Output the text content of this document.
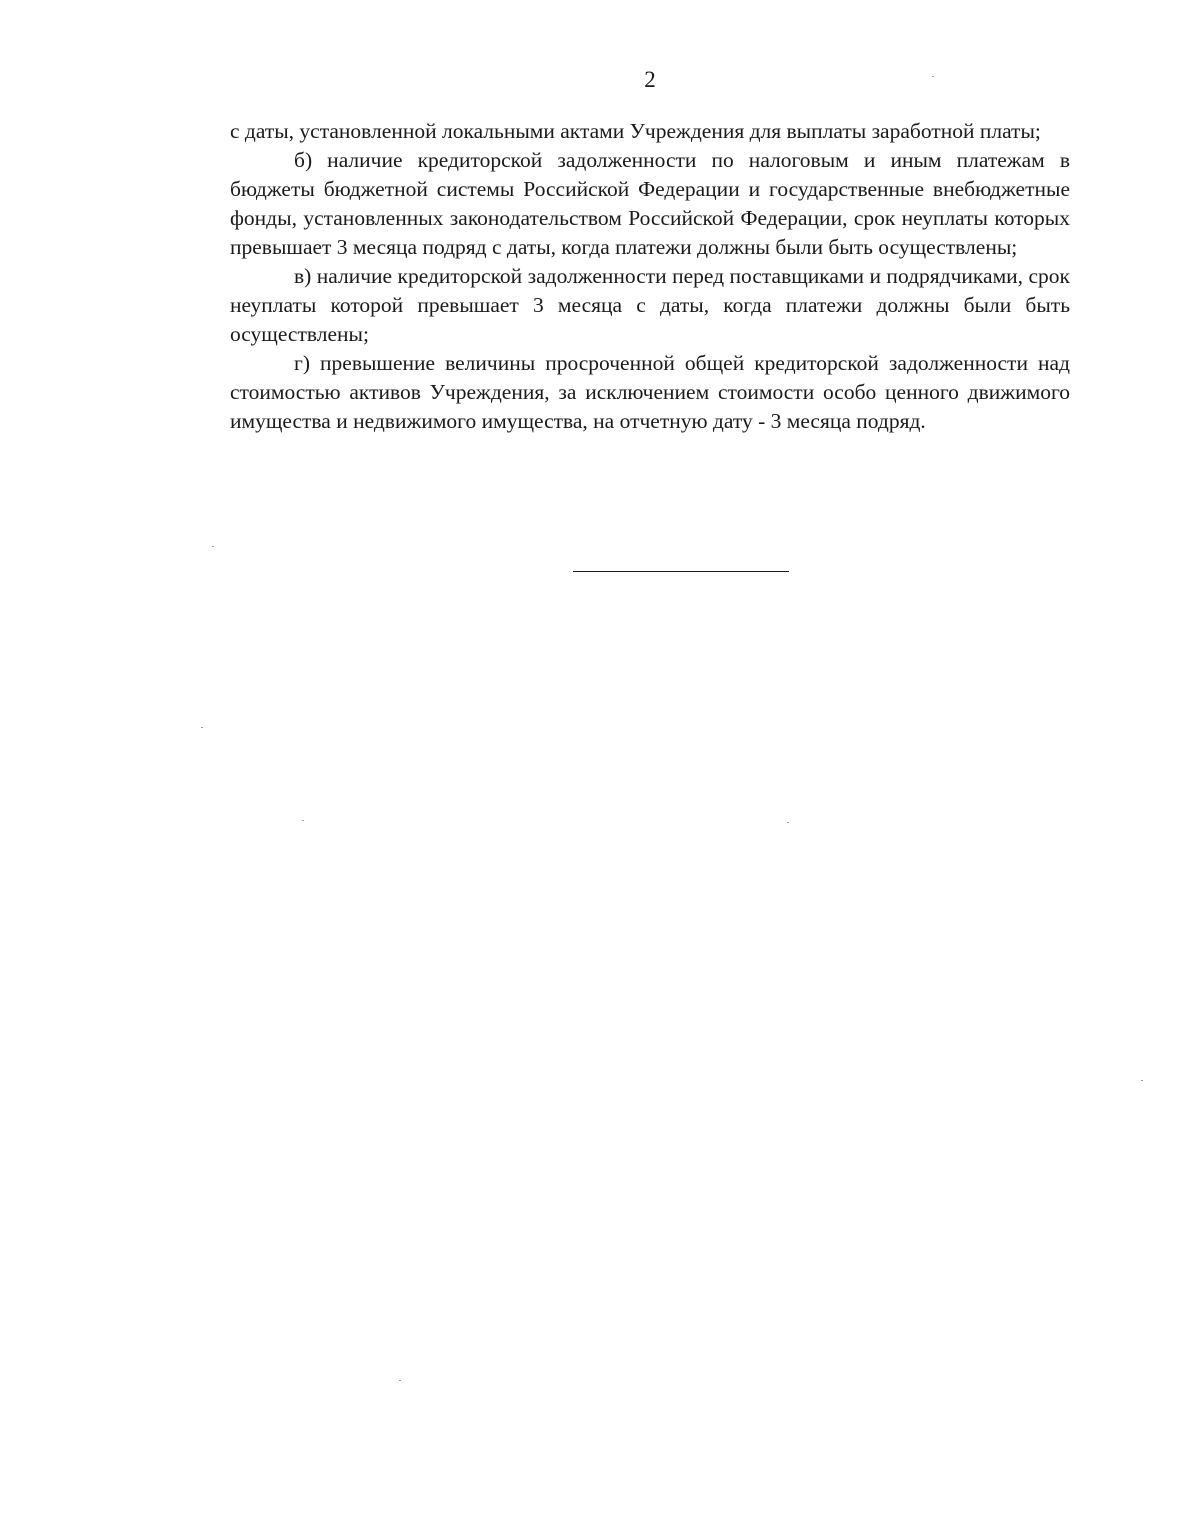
2

с даты, установленной локальными актами Учреждения для выплаты заработной платы;

б) наличие кредиторской задолженности по налоговым и иным платежам в бюджеты бюджетной системы Российской Федерации и государственные внебюджетные фонды, установленных законодательством Российской Федерации, срок неуплаты которых превышает 3 месяца подряд с даты, когда платежи должны были быть осуществлены;

в) наличие кредиторской задолженности перед поставщиками и подрядчиками, срок неуплаты которой превышает 3 месяца с даты, когда платежи должны были быть осуществлены;

г) превышение величины просроченной общей кредиторской задолженности над стоимостью активов Учреждения, за исключением стоимости особо ценного движимого имущества и недвижимого имущества, на отчетную дату - 3 месяца подряд.
